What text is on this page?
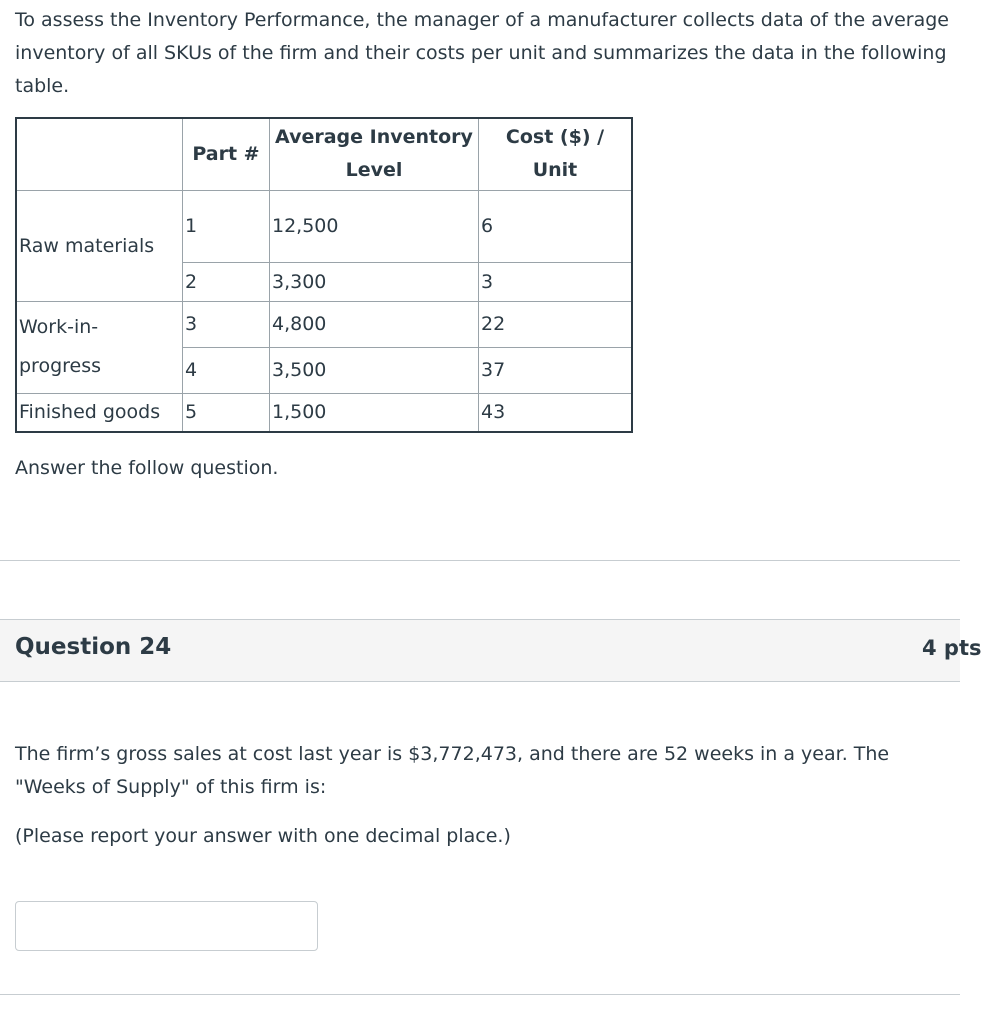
To assess the Inventory Performance, the manager of a manufacturer collects data of the average inventory of all SKUs of the firm and their costs per unit and summarizes the data in the following table.

	Part #	Average Inventory Level	Cost ($) / Unit
Raw materials	1	12,500	6
	2	3,300	3
Work-in-progress	3	4,800	22
	4	3,500	37
Finished goods	5	1,500	43

Answer the follow question.

Question 24	4 pts

The firm’s gross sales at cost last year is $3,772,473, and there are 52 weeks in a year. The "Weeks of Supply" of this firm is:

(Please report your answer with one decimal place.)
